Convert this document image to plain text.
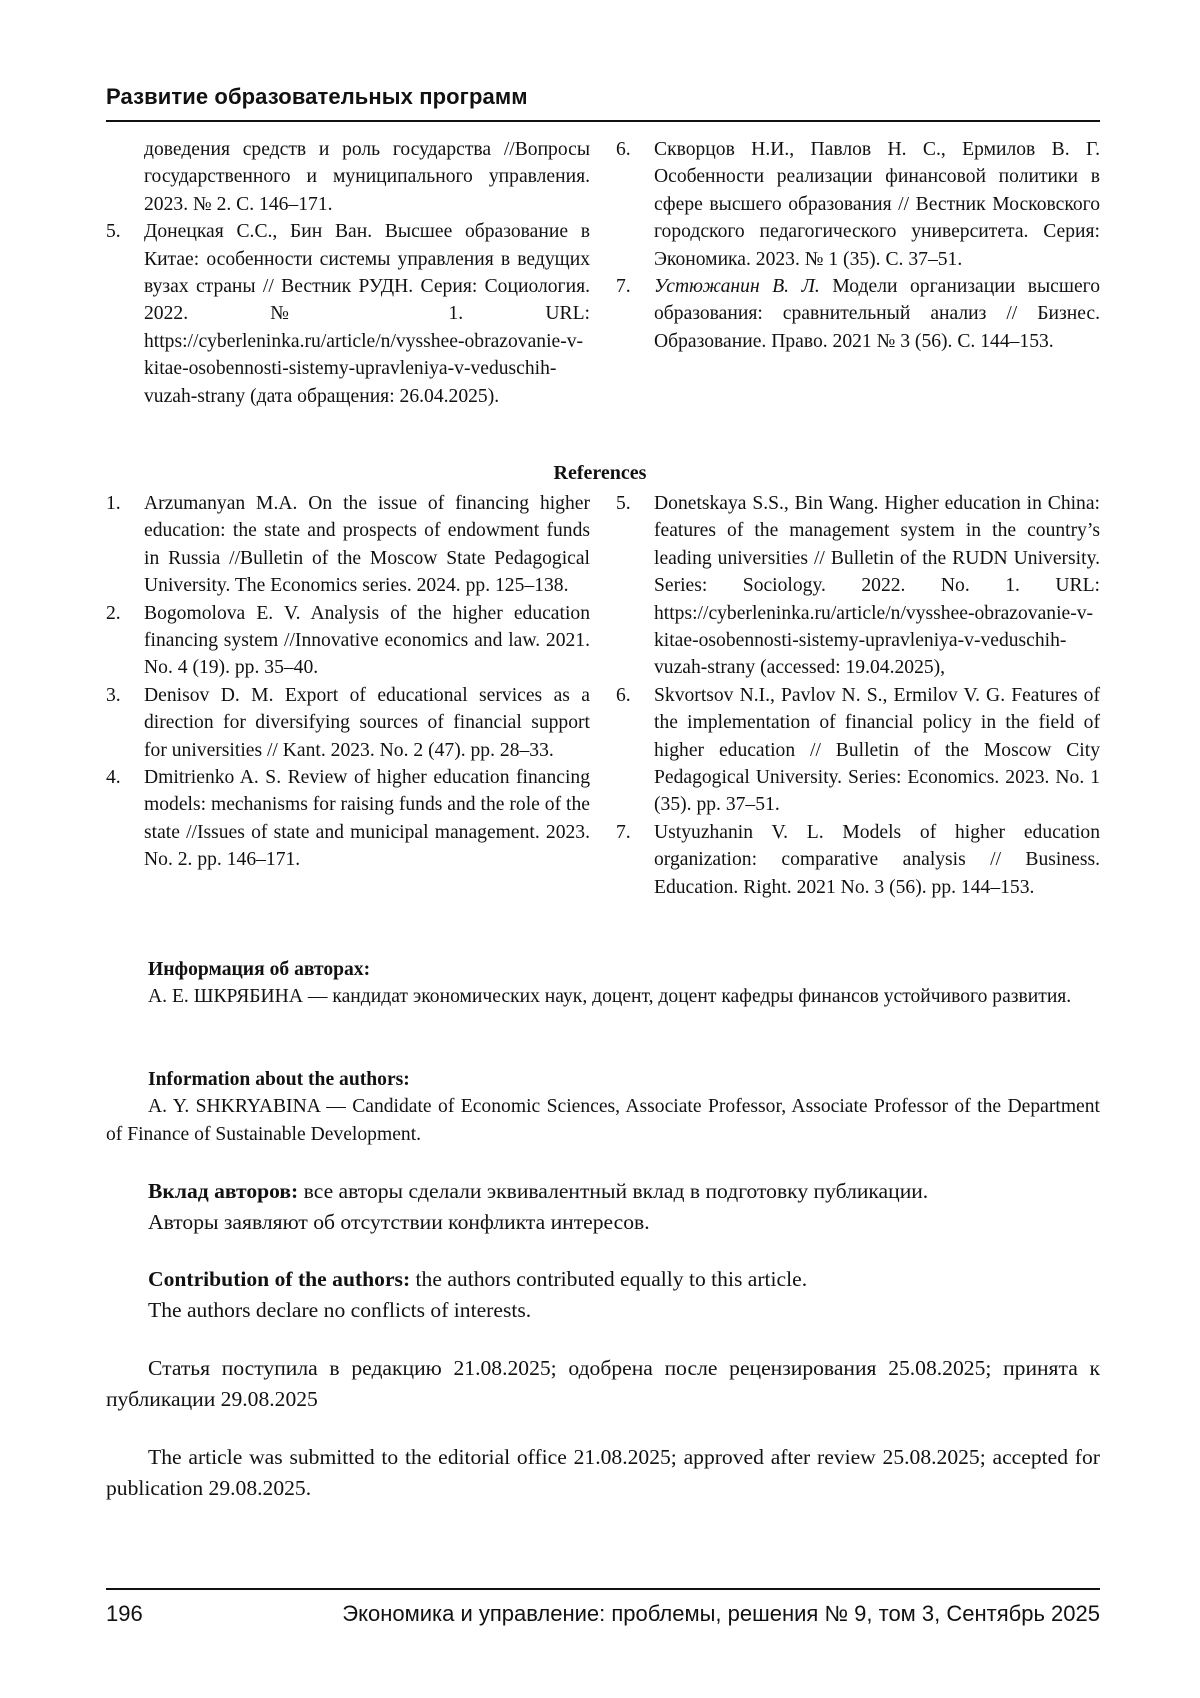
Развитие образовательных программ
доведения средств и роль государства //Вопросы государственного и муниципального управления. 2023. № 2. С. 146–171.
5. Донецкая С.С., Бин Ван. Высшее образование в Китае: особенности системы управления в ведущих вузах страны // Вестник РУДН. Серия: Социология. 2022. № 1. URL: https://cyberleninka.ru/article/n/vysshee-obrazovanie-v-kitae-osobennosti-sistemy-upravleniya-v-veduschih-vuzah-strany (дата обращения: 26.04.2025).
6. Скворцов Н.И., Павлов Н. С., Ермилов В. Г. Особенности реализации финансовой политики в сфере высшего образования // Вестник Московского городского педагогического университета. Серия: Экономика. 2023. № 1 (35). С. 37–51.
7. Устюжанин В. Л. Модели организации высшего образования: сравнительный анализ // Бизнес. Образование. Право. 2021 № 3 (56). С. 144–153.
References
1. Arzumanyan M.A. On the issue of financing higher education: the state and prospects of endowment funds in Russia //Bulletin of the Moscow State Pedagogical University. The Economics series. 2024. pp. 125–138.
2. Bogomolova E. V. Analysis of the higher education financing system //Innovative economics and law. 2021. No. 4 (19). pp. 35–40.
3. Denisov D. M. Export of educational services as a direction for diversifying sources of financial support for universities // Kant. 2023. No. 2 (47). pp. 28–33.
4. Dmitrienko A. S. Review of higher education financing models: mechanisms for raising funds and the role of the state //Issues of state and municipal management. 2023. No. 2. pp. 146–171.
5. Donetskaya S.S., Bin Wang. Higher education in China: features of the management system in the country’s leading universities // Bulletin of the RUDN University. Series: Sociology. 2022. No. 1. URL: https://cyberleninka.ru/article/n/vysshee-obrazovanie-v-kitae-osobennosti-sistemy-upravleniya-v-veduschih-vuzah-strany (accessed: 19.04.2025),
6. Skvortsov N.I., Pavlov N. S., Ermilov V. G. Features of the implementation of financial policy in the field of higher education // Bulletin of the Moscow City Pedagogical University. Series: Economics. 2023. No. 1 (35). pp. 37–51.
7. Ustyuzhanin V. L. Models of higher education organization: comparative analysis // Business. Education. Right. 2021 No. 3 (56). pp. 144–153.
Информация об авторах:
А. Е. ШКРЯБИНА — кандидат экономических наук, доцент, доцент кафедры финансов устойчивого развития.
Information about the authors:
A. Y. SHKRYABINA — Candidate of Economic Sciences, Associate Professor, Associate Professor of the Department of Finance of Sustainable Development.
Вклад авторов: все авторы сделали эквивалентный вклад в подготовку публикации.
Авторы заявляют об отсутствии конфликта интересов.
Contribution of the authors: the authors contributed equally to this article.
The authors declare no conflicts of interests.
Статья поступила в редакцию 21.08.2025; одобрена после рецензирования 25.08.2025; принята к публикации 29.08.2025
The article was submitted to the editorial office 21.08.2025; approved after review 25.08.2025; accepted for publication 29.08.2025.
196	Экономика и управление: проблемы, решения № 9, том 3, Сентябрь 2025
